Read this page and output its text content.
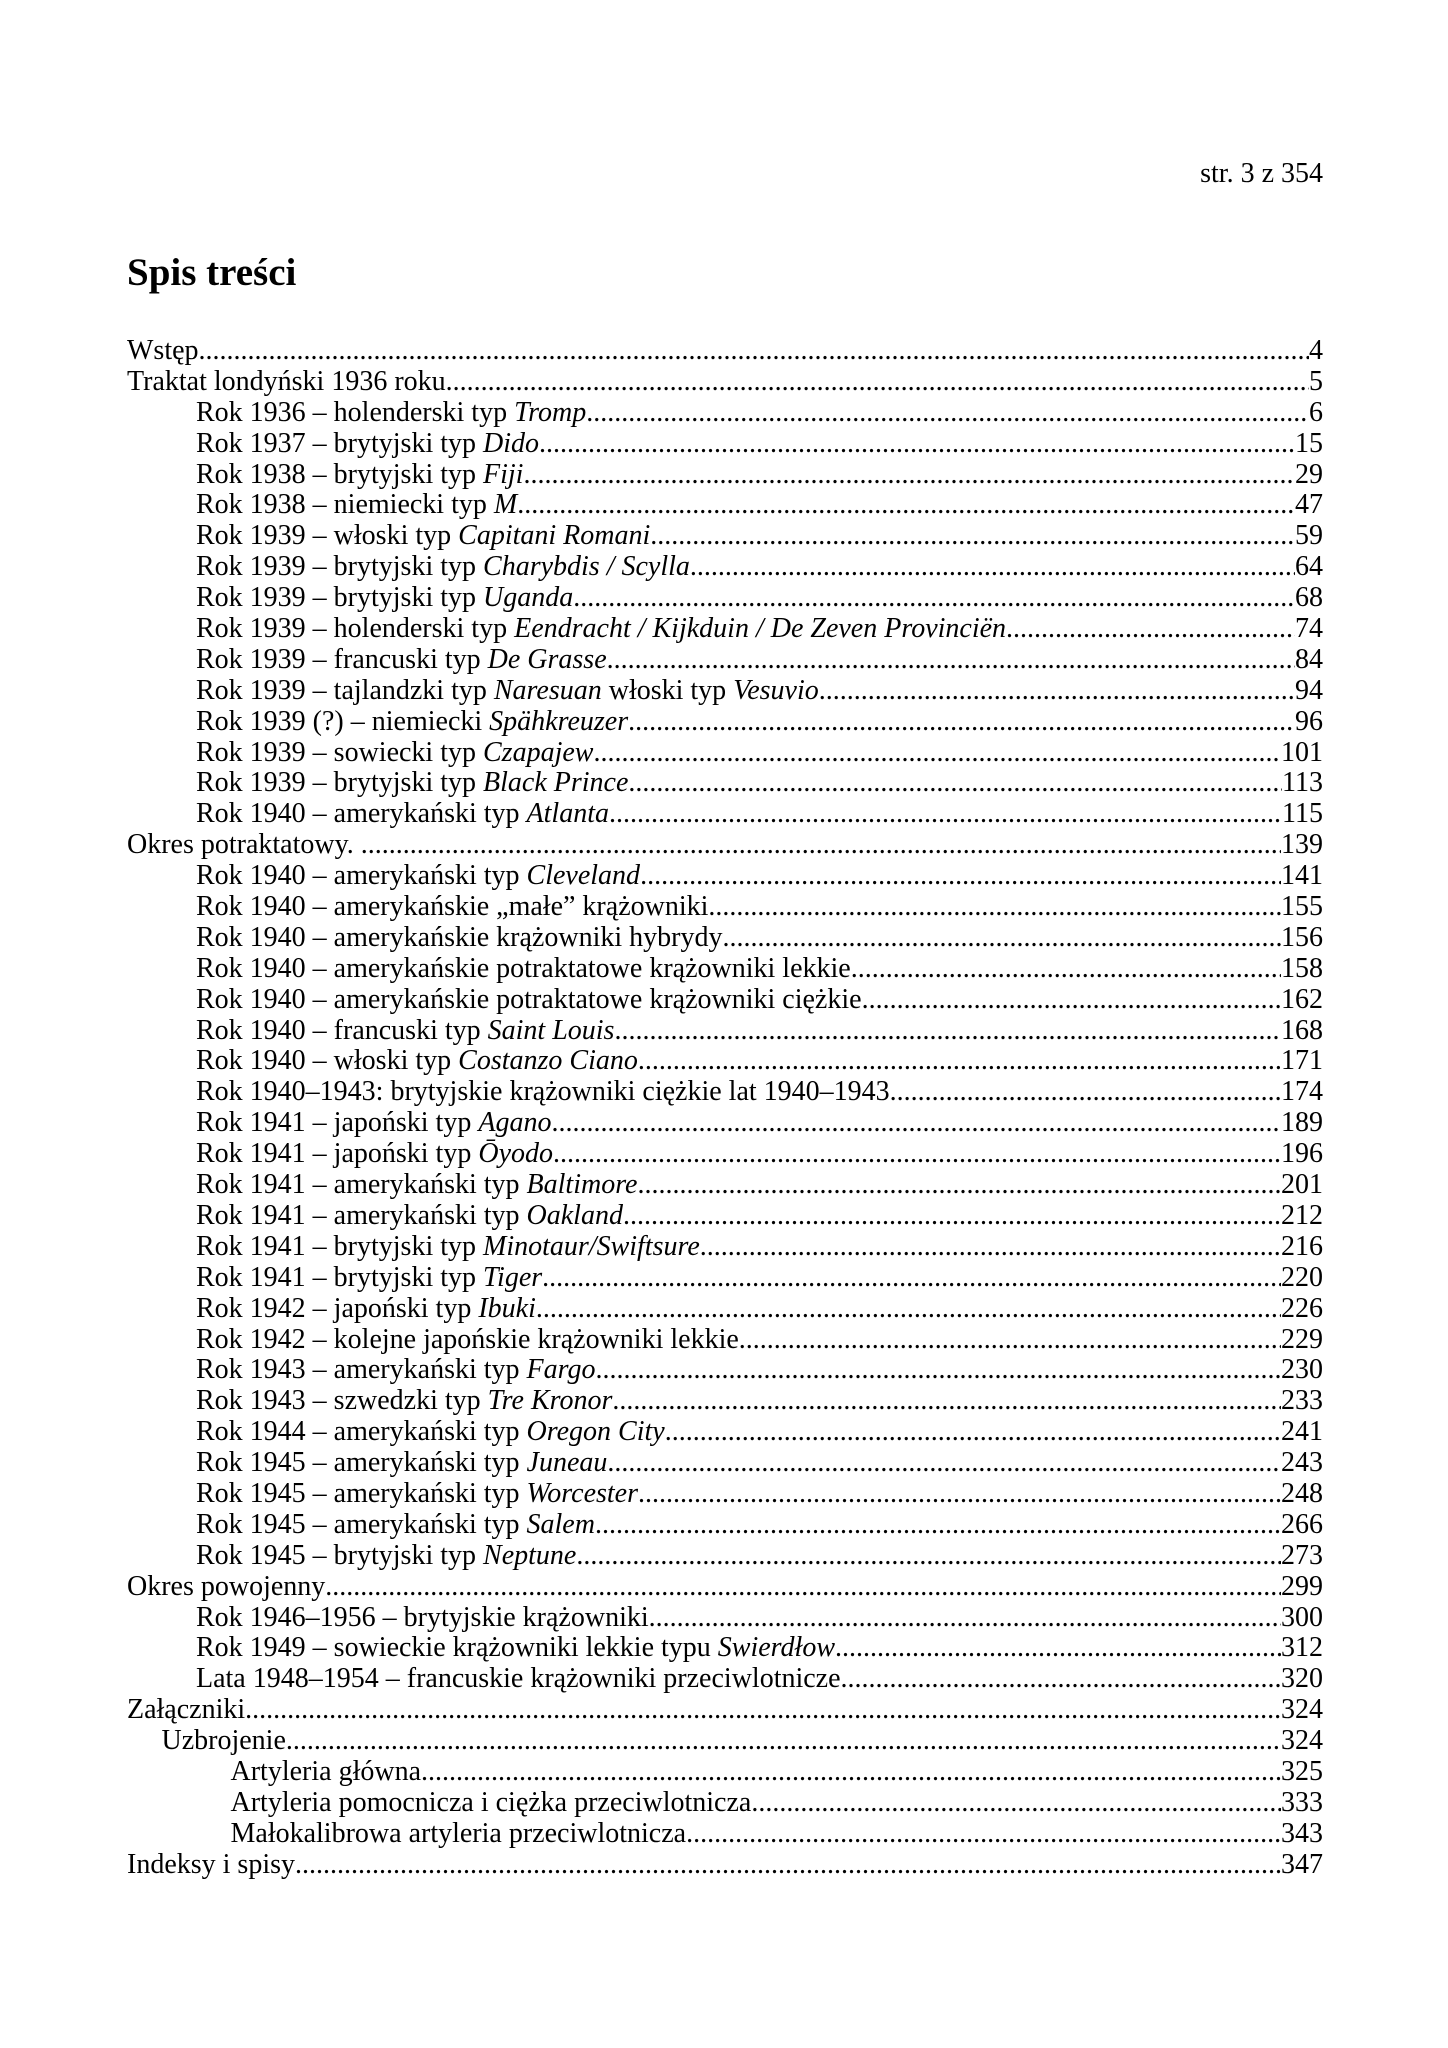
str. 3 z 354
Spis treści
Wstęp .....	4
Traktat londyński 1936 roku .....	5
Rok 1936 – holenderski typ Tromp .....	6
Rok 1937 – brytyjski typ Dido .....	15
Rok 1938 – brytyjski typ Fiji .....	29
Rok 1938 – niemiecki typ M .....	47
Rok 1939 – włoski typ Capitani Romani .....	59
Rok 1939 – brytyjski typ Charybdis / Scylla .....	64
Rok 1939 – brytyjski typ Uganda .....	68
Rok 1939 – holenderski typ Eendracht / Kijkduin / De Zeven Provinciën .....	74
Rok 1939 – francuski typ De Grasse .....	84
Rok 1939 – tajlandzki typ Naresuan włoski typ Vesuvio .....	94
Rok 1939 (?) – niemiecki Spähkreuzer .....	96
Rok 1939 – sowiecki typ Czapajew .....	101
Rok 1939 – brytyjski typ Black Prince .....	113
Rok 1940 – amerykański typ Atlanta .....	115
Okres potraktatowy. .....	139
Rok 1940 – amerykański typ Cleveland .....	141
Rok 1940 – amerykańskie „małe” krążowniki .....	155
Rok 1940 – amerykańskie krążowniki hybrydy .....	156
Rok 1940 – amerykańskie potraktatowe krążowniki lekkie .....	158
Rok 1940 – amerykańskie potraktatowe krążowniki ciężkie .....	162
Rok 1940 – francuski typ Saint Louis .....	168
Rok 1940 – włoski typ Costanzo Ciano .....	171
Rok 1940–1943: brytyjskie krążowniki ciężkie lat 1940–1943 .....	174
Rok 1941 – japoński typ Agano .....	189
Rok 1941 – japoński typ Ōyodo .....	196
Rok 1941 – amerykański typ Baltimore .....	201
Rok 1941 – amerykański typ Oakland .....	212
Rok 1941 – brytyjski typ Minotaur/Swiftsure .....	216
Rok 1941 – brytyjski typ Tiger .....	220
Rok 1942 – japoński typ Ibuki .....	226
Rok 1942 – kolejne japońskie krążowniki lekkie .....	229
Rok 1943 – amerykański typ Fargo .....	230
Rok 1943 – szwedzki typ Tre Kronor .....	233
Rok 1944 – amerykański typ Oregon City .....	241
Rok 1945 – amerykański typ Juneau .....	243
Rok 1945 – amerykański typ Worcester .....	248
Rok 1945 – amerykański typ Salem .....	266
Rok 1945 – brytyjski typ Neptune .....	273
Okres powojenny .....	299
Rok 1946–1956 – brytyjskie krążowniki .....	300
Rok 1949 – sowieckie krążowniki lekkie typu Swierdłow .....	312
Lata 1948–1954 – francuskie krążowniki przeciwlotnicze .....	320
Załączniki .....	324
Uzbrojenie .....	324
Artyleria główna .....	325
Artyleria pomocnicza i ciężka przeciwlotnicza .....	333
Małokalibrowa artyleria przeciwlotnicza .....	343
Indeksy i spisy .....	347
